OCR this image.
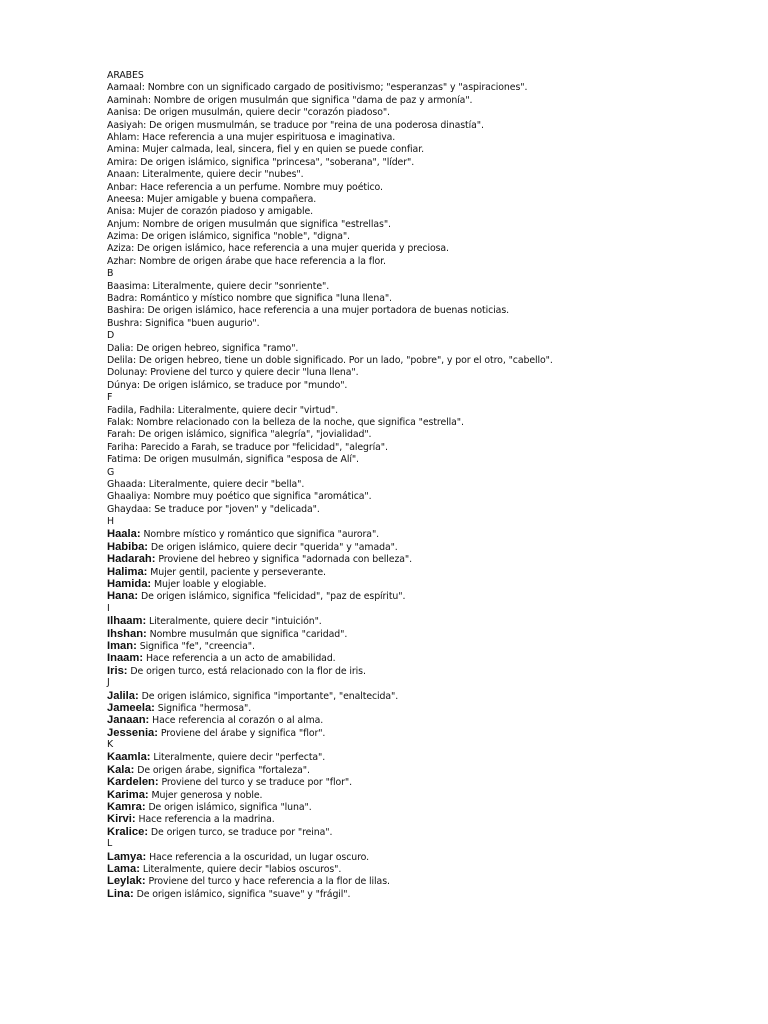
ARABES
Aamaal: Nombre con un significado cargado de positivismo; "esperanzas" y "aspiraciones".
Aaminah: Nombre de origen musulmán que significa "dama de paz y armonía".
Aanisa: De origen musulmán, quiere decir "corazón piadoso".
Aasiyah: De origen musmulmán, se traduce por "reina de una poderosa dinastía".
Ahlam: Hace referencia a una mujer espirituosa e imaginativa.
Amina: Mujer calmada, leal, sincera, fiel y en quien se puede confiar.
Amira: De origen islámico, significa "princesa", "soberana", "líder".
Anaan: Literalmente, quiere decir "nubes".
Anbar: Hace referencia a un perfume. Nombre muy poético.
Aneesa: Mujer amigable y buena compañera.
Anisa: Mujer de corazón piadoso y amigable.
Anjum: Nombre de origen musulmán que significa "estrellas".
Azima: De origen islámico, significa "noble", "digna".
Aziza: De origen islámico, hace referencia a una mujer querida y preciosa.
Azhar: Nombre de origen árabe que hace referencia a la flor.
B
Baasima: Literalmente, quiere decir "sonriente".
Badra: Romántico y místico nombre que significa "luna llena".
Bashira: De origen islámico, hace referencia a una mujer portadora de buenas noticias.
Bushra: Significa "buen augurio".
D
Dalia: De origen hebreo, significa "ramo".
Delila: De origen hebreo, tiene un doble significado. Por un lado, "pobre", y por el otro, "cabello".
Dolunay: Proviene del turco y quiere decir "luna llena".
Dúnya: De origen islámico, se traduce por "mundo".
F
Fadila, Fadhila: Literalmente, quiere decir "virtud".
Falak: Nombre relacionado con la belleza de la noche, que significa "estrella".
Farah: De origen islámico, significa "alegría", "jovialidad".
Fariha: Parecido a Farah, se traduce por "felicidad", "alegría".
Fatima: De origen musulmán, significa "esposa de Alí".
G
Ghaada: Literalmente, quiere decir "bella".
Ghaaliya: Nombre muy poético que significa "aromática".
Ghaydaa: Se traduce por "joven" y "delicada".
H
Haala: Nombre místico y romántico que significa "aurora".
Habiba: De origen islámico, quiere decir "querida" y "amada".
Hadarah: Proviene del hebreo y significa "adornada con belleza".
Halima: Mujer gentil, paciente y perseverante.
Hamida: Mujer loable y elogiable.
Hana: De origen islámico, significa "felicidad", "paz de espíritu".
I
Ilhaam: Literalmente, quiere decir "intuición".
Ihshan: Nombre musulmán que significa "caridad".
Iman: Significa "fe", "creencia".
Inaam: Hace referencia a un acto de amabilidad.
Iris: De origen turco, está relacionado con la flor de iris.
J
Jalila: De origen islámico, significa "importante", "enaltecida".
Jameela: Significa "hermosa".
Janaan: Hace referencia al corazón o al alma.
Jessenia: Proviene del árabe y significa "flor".
K
Kaamla: Literalmente, quiere decir "perfecta".
Kala: De origen árabe, significa "fortaleza".
Kardelen: Proviene del turco y se traduce por "flor".
Karima: Mujer generosa y noble.
Kamra: De origen islámico, significa "luna".
Kirvi: Hace referencia a la madrina.
Kralice: De origen turco, se traduce por "reina".
L
Lamya: Hace referencia a la oscuridad, un lugar oscuro.
Lama: Literalmente, quiere decir "labios oscuros".
Leylak: Proviene del turco y hace referencia a la flor de lilas.
Lina: De origen islámico, significa "suave" y "frágil".
